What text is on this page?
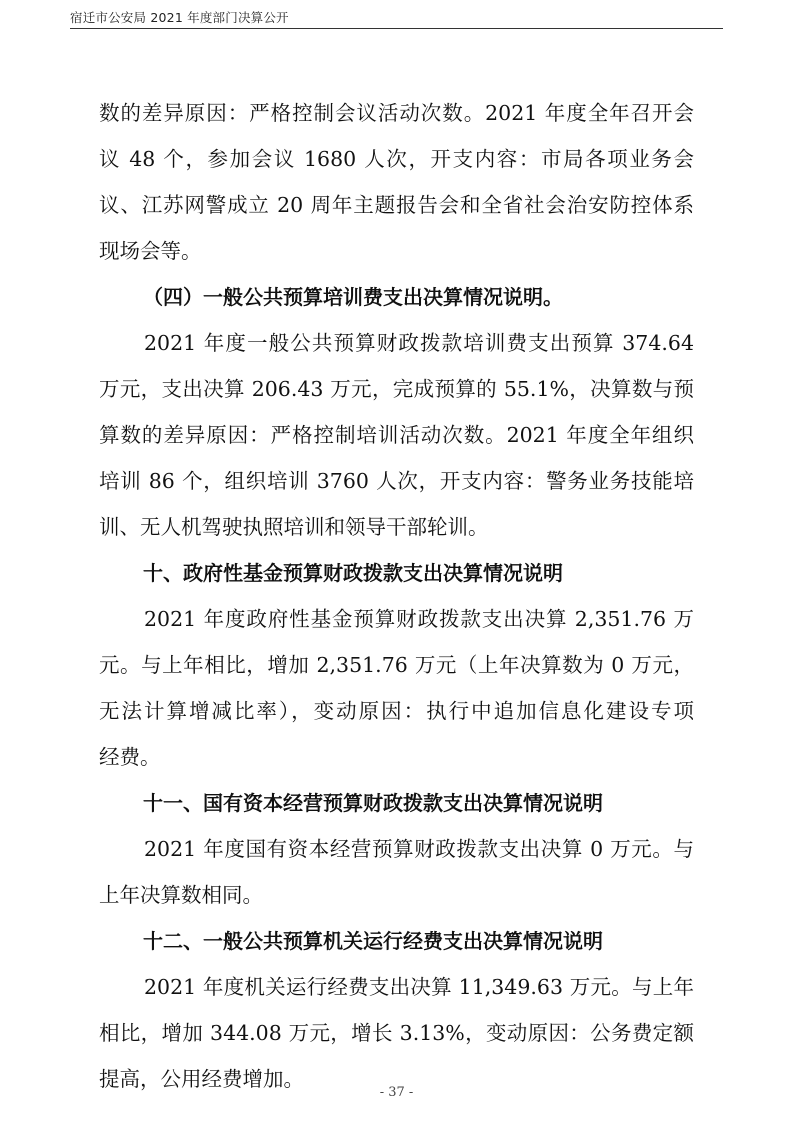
宿迁市公安局 2021 年度部门决算公开
数的差异原因：严格控制会议活动次数。2021 年度全年召开会
议 48 个，参加会议 1680 人次，开支内容：市局各项业务会
议、江苏网警成立 20 周年主题报告会和全省社会治安防控体系
现场会等。
（四）一般公共预算培训费支出决算情况说明。
2021 年度一般公共预算财政拨款培训费支出预算 374.64
万元，支出决算 206.43 万元，完成预算的 55.1%，决算数与预
算数的差异原因：严格控制培训活动次数。2021 年度全年组织
培训 86 个，组织培训 3760 人次，开支内容：警务业务技能培
训、无人机驾驶执照培训和领导干部轮训。
十、政府性基金预算财政拨款支出决算情况说明
2021 年度政府性基金预算财政拨款支出决算 2,351.76 万
元。与上年相比，增加 2,351.76 万元（上年决算数为 0 万元，
无法计算增减比率），变动原因：执行中追加信息化建设专项
经费。
十一、国有资本经营预算财政拨款支出决算情况说明
2021 年度国有资本经营预算财政拨款支出决算 0 万元。与
上年决算数相同。
十二、一般公共预算机关运行经费支出决算情况说明
2021 年度机关运行经费支出决算 11,349.63 万元。与上年
相比，增加 344.08 万元，增长 3.13%，变动原因：公务费定额
提高，公用经费增加。
- 37 -
